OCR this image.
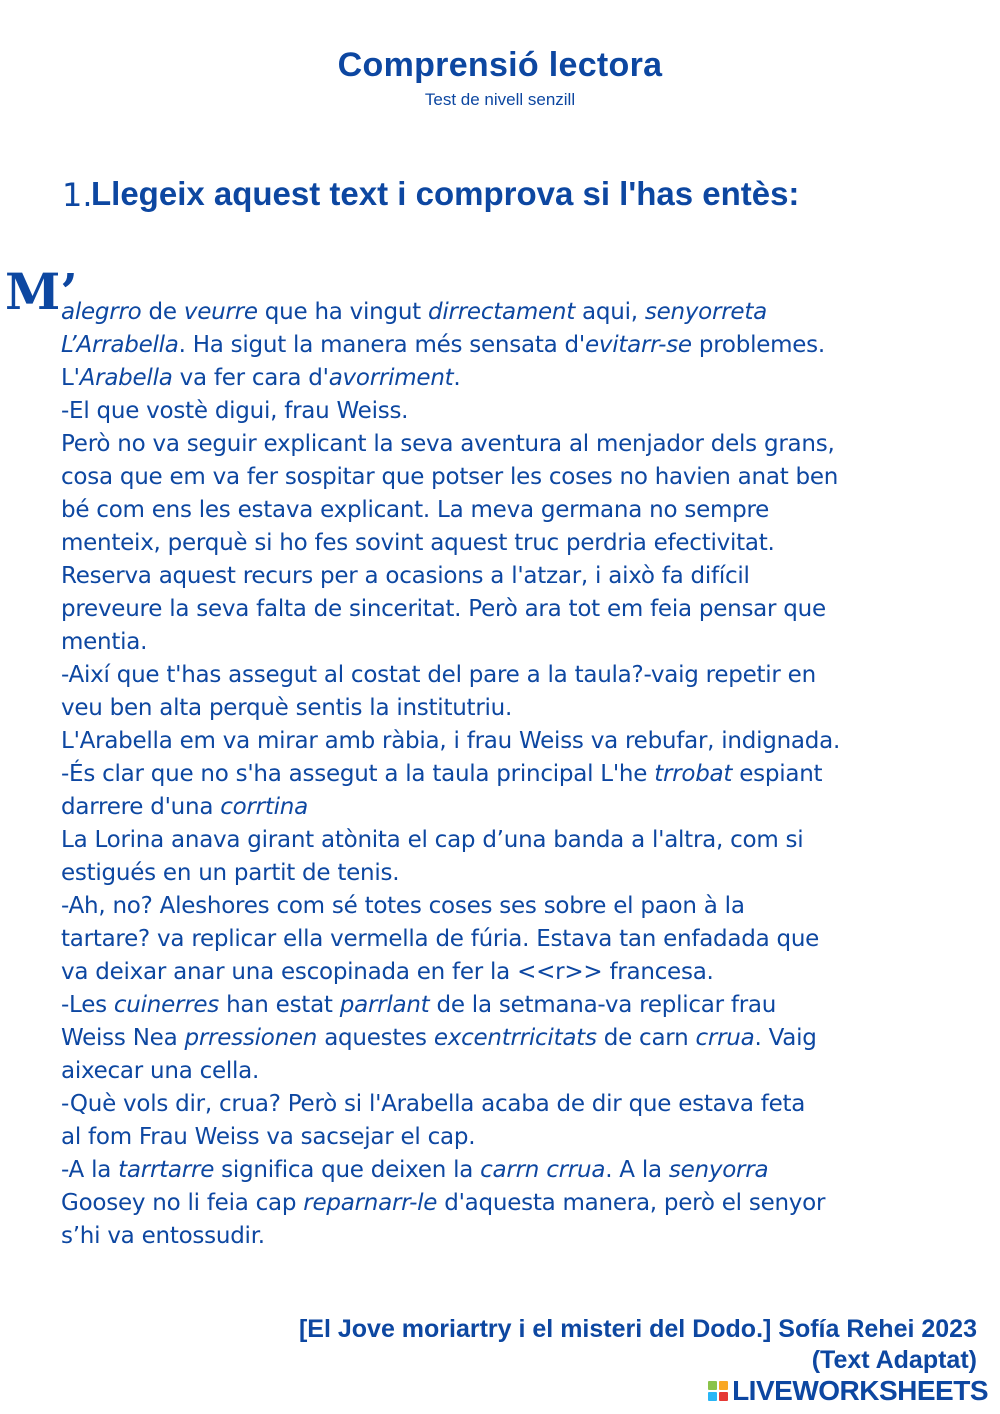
Comprensió lectora
Test de nivell senzill
1.
Llegeix aquest text i comprova si l'has entès:
M’
alegrro de veurre que ha vingut dirrectament aqui, senyorreta
L’Arrabella. Ha sigut la manera més sensata d'evitarr-se problemes.
L'Arabella va fer cara d'avorriment.
-El que vostè digui, frau Weiss.
Però no va seguir explicant la seva aventura al menjador dels grans,
cosa que em va fer sospitar que potser les coses no havien anat ben
bé com ens les estava explicant. La meva germana no sempre
menteix, perquè si ho fes sovint aquest truc perdria efectivitat.
Reserva aquest recurs per a ocasions a l'atzar, i això fa difícil
preveure la seva falta de sinceritat. Però ara tot em feia pensar que
mentia.
-Així que t'has assegut al costat del pare a la taula?-vaig repetir en
veu ben alta perquè sentis la institutriu.
L'Arabella em va mirar amb ràbia, i frau Weiss va rebufar, indignada.
-És clar que no s'ha assegut a la taula principal L'he trrobat espiant
darrere d'una corrtina
La Lorina anava girant atònita el cap d’una banda a l'altra, com si
estigués en un partit de tenis.
-Ah, no? Aleshores com sé totes coses ses sobre el paon à la
tartare? va replicar ella vermella de fúria. Estava tan enfadada que
va deixar anar una escopinada en fer la <<r>> francesa.
-Les cuinerres han estat parrlant de la setmana-va replicar frau
Weiss Nea prressionen aquestes excentrricitats de carn crrua. Vaig
aixecar una cella.
-Què vols dir, crua? Però si l'Arabella acaba de dir que estava feta
al fom Frau Weiss va sacsejar el cap.
-A la tarrtarre significa que deixen la carrn crrua. A la senyorra
Goosey no li feia cap reparnarr-le d'aquesta manera, però el senyor
s’hi va entossudir.
[El Jove moriartry i el misteri del Dodo.] Sofía Rehei 2023
(Text Adaptat)
LIVEWORKSHEETS
